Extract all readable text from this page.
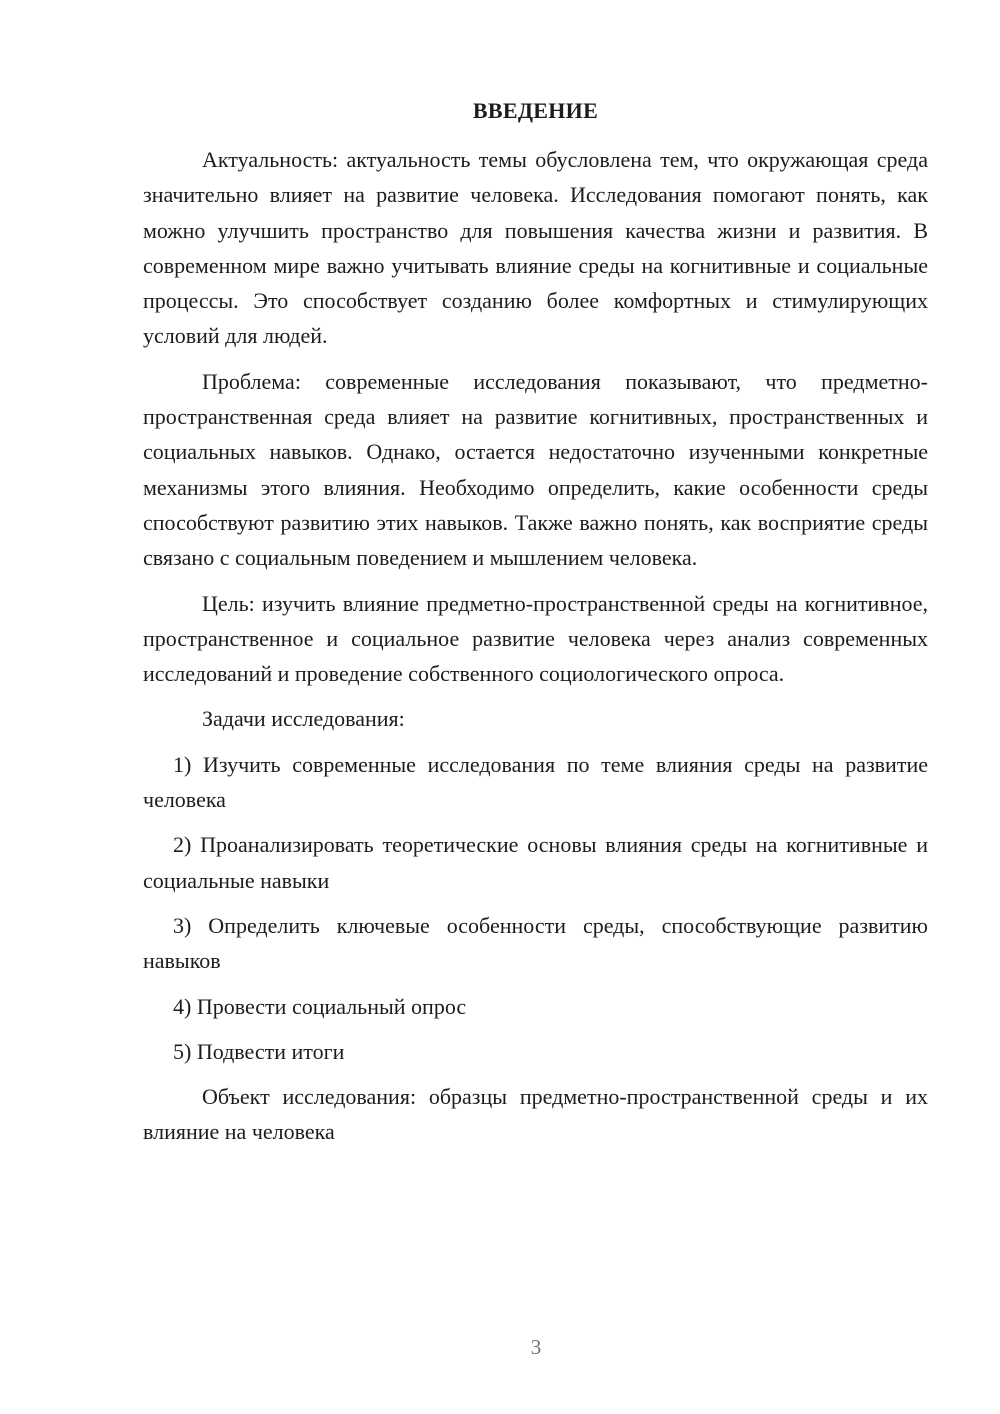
ВВЕДЕНИЕ

Актуальность: актуальность темы обусловлена тем, что окружающая среда значительно влияет на развитие человека. Исследования помогают понять, как можно улучшить пространство для повышения качества жизни и развития. В современном мире важно учитывать влияние среды на когнитивные и социальные процессы. Это способствует созданию более комфортных и стимулирующих условий для людей.

Проблема: современные исследования показывают, что предметно-пространственная среда влияет на развитие когнитивных, пространственных и социальных навыков. Однако, остается недостаточно изученными конкретные механизмы этого влияния. Необходимо определить, какие особенности среды способствуют развитию этих навыков. Также важно понять, как восприятие среды связано с социальным поведением и мышлением человека.

Цель: изучить влияние предметно-пространственной среды на когнитивное, пространственное и социальное развитие человека через анализ современных исследований и проведение собственного социологического опроса.

Задачи исследования:

1) Изучить современные исследования по теме влияния среды на развитие человека

2) Проанализировать теоретические основы влияния среды на когнитивные и социальные навыки

3) Определить ключевые особенности среды, способствующие развитию навыков

4) Провести социальный опрос

5) Подвести итоги

Объект исследования: образцы предметно-пространственной среды и их влияние на человека

3
